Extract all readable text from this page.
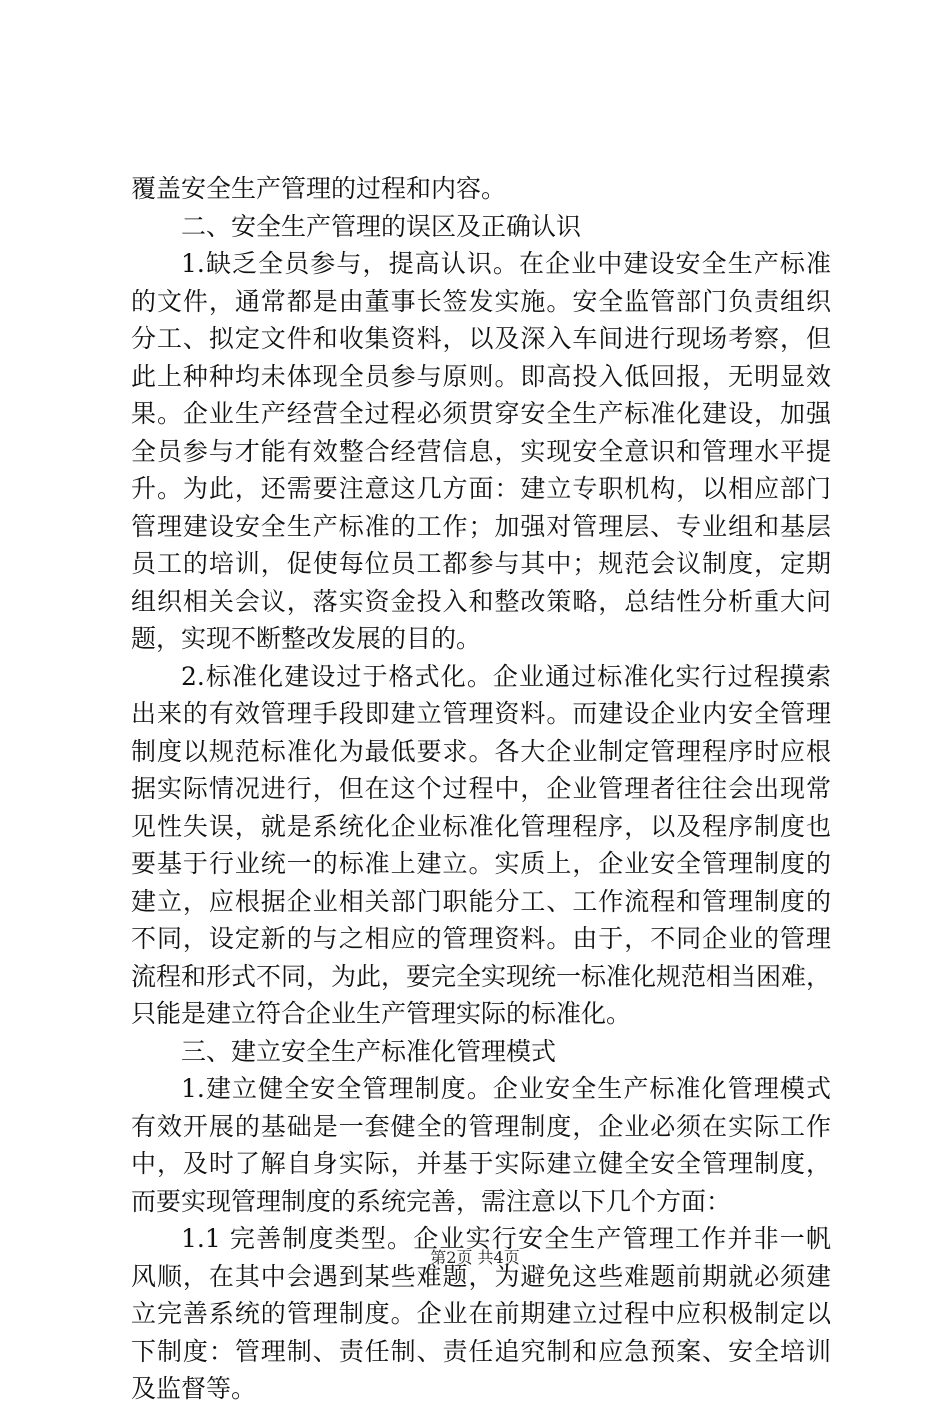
覆盖安全生产管理的过程和内容。
二、安全生产管理的误区及正确认识
1.缺乏全员参与，提高认识。在企业中建设安全生产标准
的文件，通常都是由董事长签发实施。安全监管部门负责组织
分工、拟定文件和收集资料，以及深入车间进行现场考察，但
此上种种均未体现全员参与原则。即高投入低回报，无明显效
果。企业生产经营全过程必须贯穿安全生产标准化建设，加强
全员参与才能有效整合经营信息，实现安全意识和管理水平提
升。为此，还需要注意这几方面：建立专职机构，以相应部门
管理建设安全生产标准的工作；加强对管理层、专业组和基层
员工的培训，促使每位员工都参与其中；规范会议制度，定期
组织相关会议，落实资金投入和整改策略，总结性分析重大问
题，实现不断整改发展的目的。
2.标准化建设过于格式化。企业通过标准化实行过程摸索
出来的有效管理手段即建立管理资料。而建设企业内安全管理
制度以规范标准化为最低要求。各大企业制定管理程序时应根
据实际情况进行，但在这个过程中，企业管理者往往会出现常
见性失误，就是系统化企业标准化管理程序，以及程序制度也
要基于行业统一的标准上建立。实质上，企业安全管理制度的
建立，应根据企业相关部门职能分工、工作流程和管理制度的
不同，设定新的与之相应的管理资料。由于，不同企业的管理
流程和形式不同，为此，要完全实现统一标准化规范相当困难，
只能是建立符合企业生产管理实际的标准化。
三、建立安全生产标准化管理模式
1.建立健全安全管理制度。企业安全生产标准化管理模式
有效开展的基础是一套健全的管理制度，企业必须在实际工作
中，及时了解自身实际，并基于实际建立健全安全管理制度，
而要实现管理制度的系统完善，需注意以下几个方面：
1.1 完善制度类型。企业实行安全生产管理工作并非一帆
风顺，在其中会遇到某些难题，为避免这些难题前期就必须建
立完善系统的管理制度。企业在前期建立过程中应积极制定以
下制度：管理制、责任制、责任追究制和应急预案、安全培训
及监督等。
第2页 共4页
